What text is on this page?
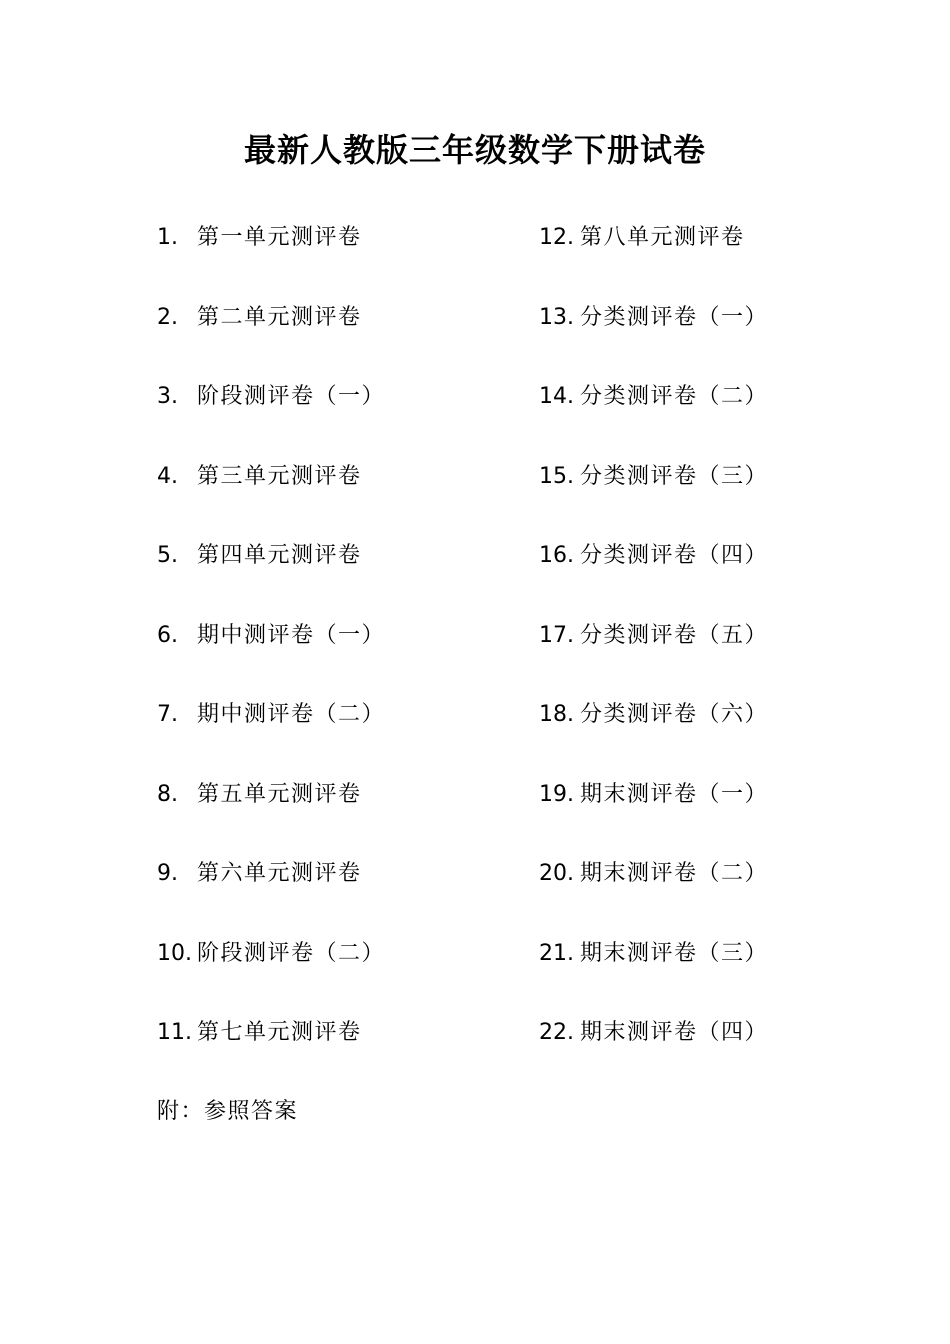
最新人教版三年级数学下册试卷
1. 第一单元测评卷
2. 第二单元测评卷
3. 阶段测评卷（一）
4. 第三单元测评卷
5. 第四单元测评卷
6. 期中测评卷（一）
7. 期中测评卷（二）
8. 第五单元测评卷
9. 第六单元测评卷
10. 阶段测评卷（二）
11. 第七单元测评卷
12. 第八单元测评卷
13. 分类测评卷（一）
14. 分类测评卷（二）
15. 分类测评卷（三）
16. 分类测评卷（四）
17. 分类测评卷（五）
18. 分类测评卷（六）
19. 期末测评卷（一）
20. 期末测评卷（二）
21. 期末测评卷（三）
22. 期末测评卷（四）
附：参照答案
